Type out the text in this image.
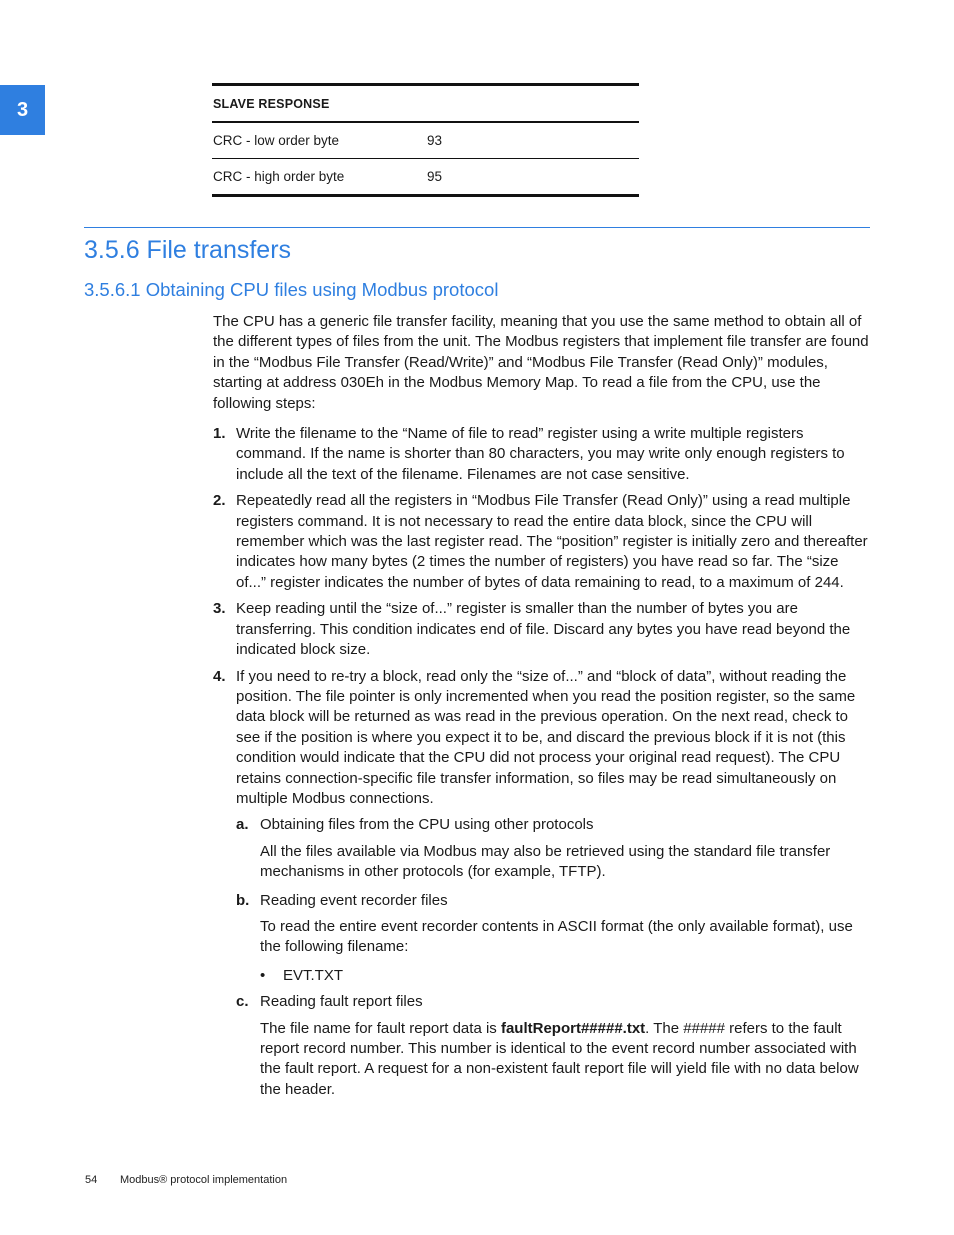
3	SLAVE RESPONSE
CRC - low order byte	93
CRC - high order byte	95
3.5.6 File transfers
3.5.6.1 Obtaining CPU files using Modbus protocol

The CPU has a generic file transfer facility, meaning that you use the same method to obtain all of the different types of files from the unit. The Modbus registers that implement file transfer are found in the “Modbus File Transfer (Read/Write)” and “Modbus File Transfer (Read Only)” modules, starting at address 030Eh in the Modbus Memory Map. To read a file from the CPU, use the following steps:

1. Write the filename to the “Name of file to read” register using a write multiple registers command. If the name is shorter than 80 characters, you may write only enough registers to include all the text of the filename. Filenames are not case sensitive.
2. Repeatedly read all the registers in “Modbus File Transfer (Read Only)” using a read multiple registers command. It is not necessary to read the entire data block, since the CPU will remember which was the last register read. The “position” register is initially zero and thereafter indicates how many bytes (2 times the number of registers) you have read so far. The “size of...” register indicates the number of bytes of data remaining to read, to a maximum of 244.
3. Keep reading until the “size of...” register is smaller than the number of bytes you are transferring. This condition indicates end of file. Discard any bytes you have read beyond the indicated block size.
4. If you need to re-try a block, read only the “size of...” and “block of data”, without reading the position. The file pointer is only incremented when you read the position register, so the same data block will be returned as was read in the previous operation. On the next read, check to see if the position is where you expect it to be, and discard the previous block if it is not (this condition would indicate that the CPU did not process your original read request). The CPU retains connection-specific file transfer information, so files may be read simultaneously on multiple Modbus connections.
a. Obtaining files from the CPU using other protocols

All the files available via Modbus may also be retrieved using the standard file transfer mechanisms in other protocols (for example, TFTP).

b. Reading event recorder files

To read the entire event recorder contents in ASCII format (the only available format), use the following filename:

•	EVT.TXT
c. Reading fault report files

The file name for fault report data is faultReport#####.txt. The ##### refers to the fault report record number. This number is identical to the event record number associated with the fault report. A request for a non-existent fault report file will yield file with no data below the header.

54 Modbus® protocol implementation
